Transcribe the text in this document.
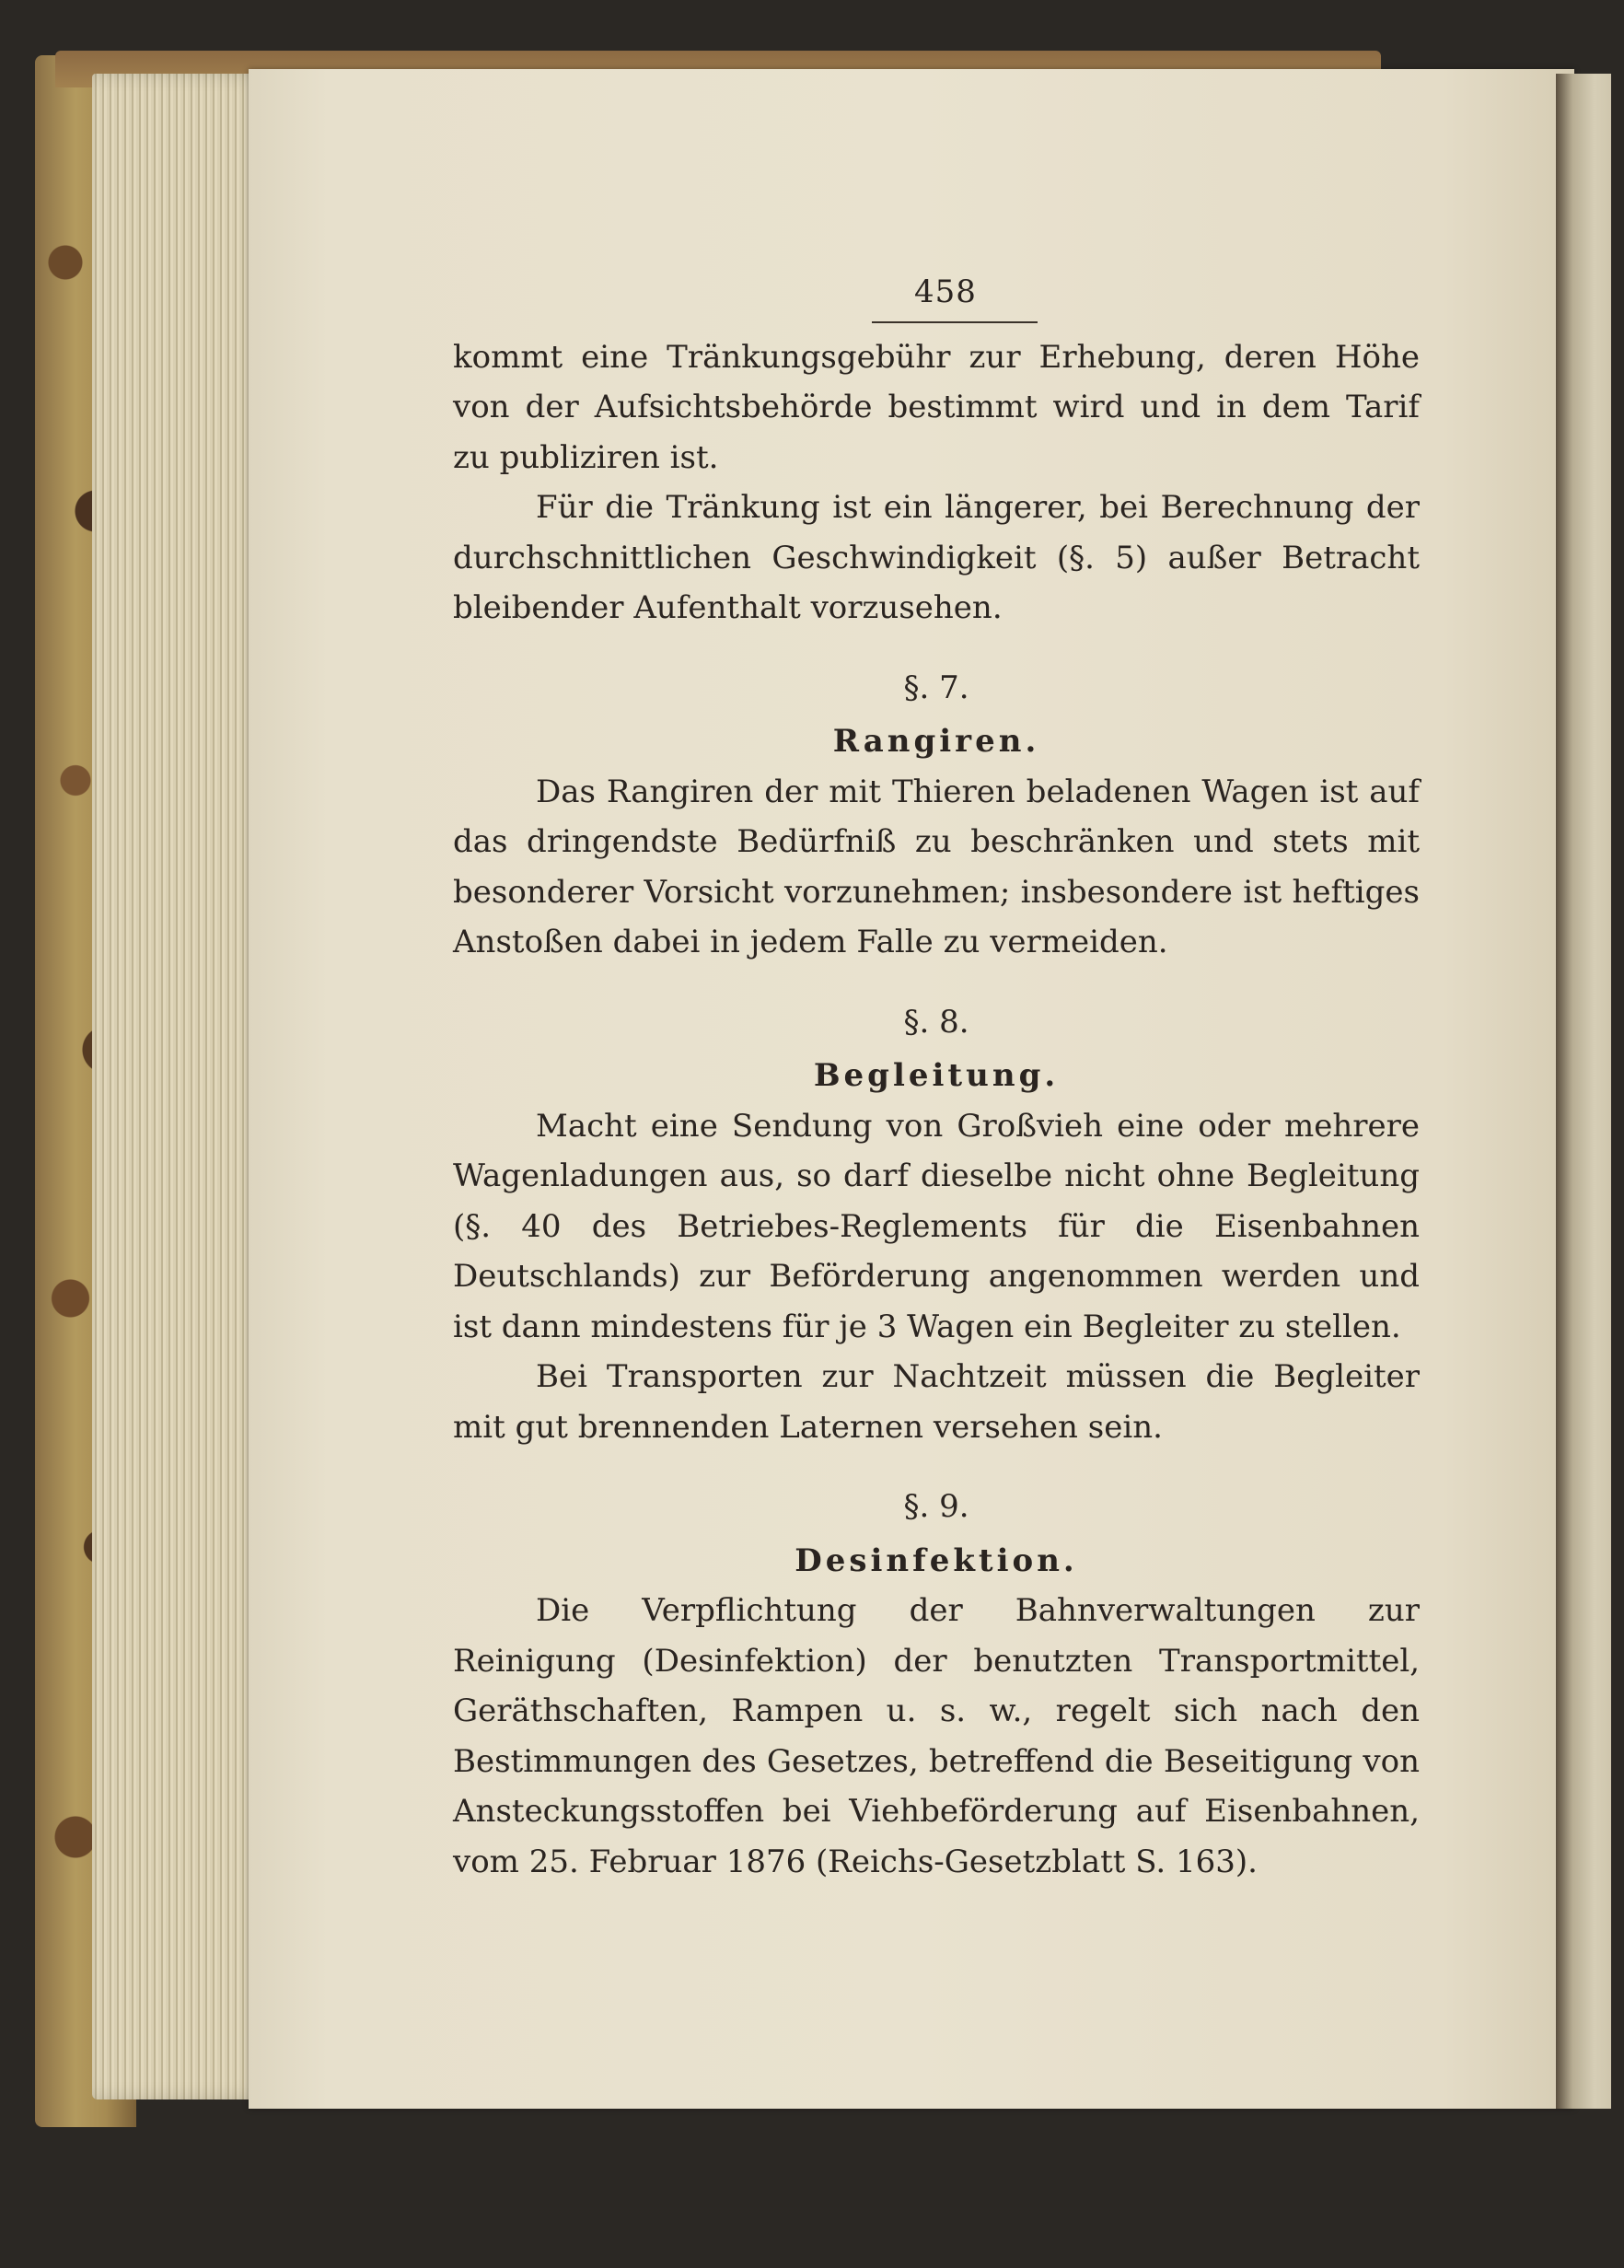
458

kommt eine Tränkungsgebühr zur Erhebung, deren Höhe von der Aufsichtsbehörde bestimmt wird und in dem Tarif zu publiziren ist.

Für die Tränkung ist ein längerer, bei Berechnung der durchschnittlichen Geschwindigkeit (§. 5) außer Betracht bleibender Aufenthalt vorzusehen.

§. 7.
Rangiren.

Das Rangiren der mit Thieren beladenen Wagen ist auf das dringendste Bedürfniß zu beschränken und stets mit besonderer Vorsicht vorzunehmen; insbesondere ist heftiges Anstoßen dabei in jedem Falle zu vermeiden.

§. 8.
Begleitung.

Macht eine Sendung von Großvieh eine oder mehrere Wagenladungen aus, so darf dieselbe nicht ohne Begleitung (§. 40 des Betriebes-Reglements für die Eisenbahnen Deutschlands) zur Beförderung angenommen werden und ist dann mindestens für je 3 Wagen ein Begleiter zu stellen.

Bei Transporten zur Nachtzeit müssen die Begleiter mit gut brennenden Laternen versehen sein.

§. 9.
Desinfektion.

Die Verpflichtung der Bahnverwaltungen zur Reinigung (Desinfektion) der benutzten Transportmittel, Geräthschaften, Rampen u. s. w., regelt sich nach den Bestimmungen des Gesetzes, betreffend die Beseitigung von Ansteckungsstoffen bei Viehbeförderung auf Eisenbahnen, vom 25. Februar 1876 (Reichs-Gesetzblatt S. 163).
